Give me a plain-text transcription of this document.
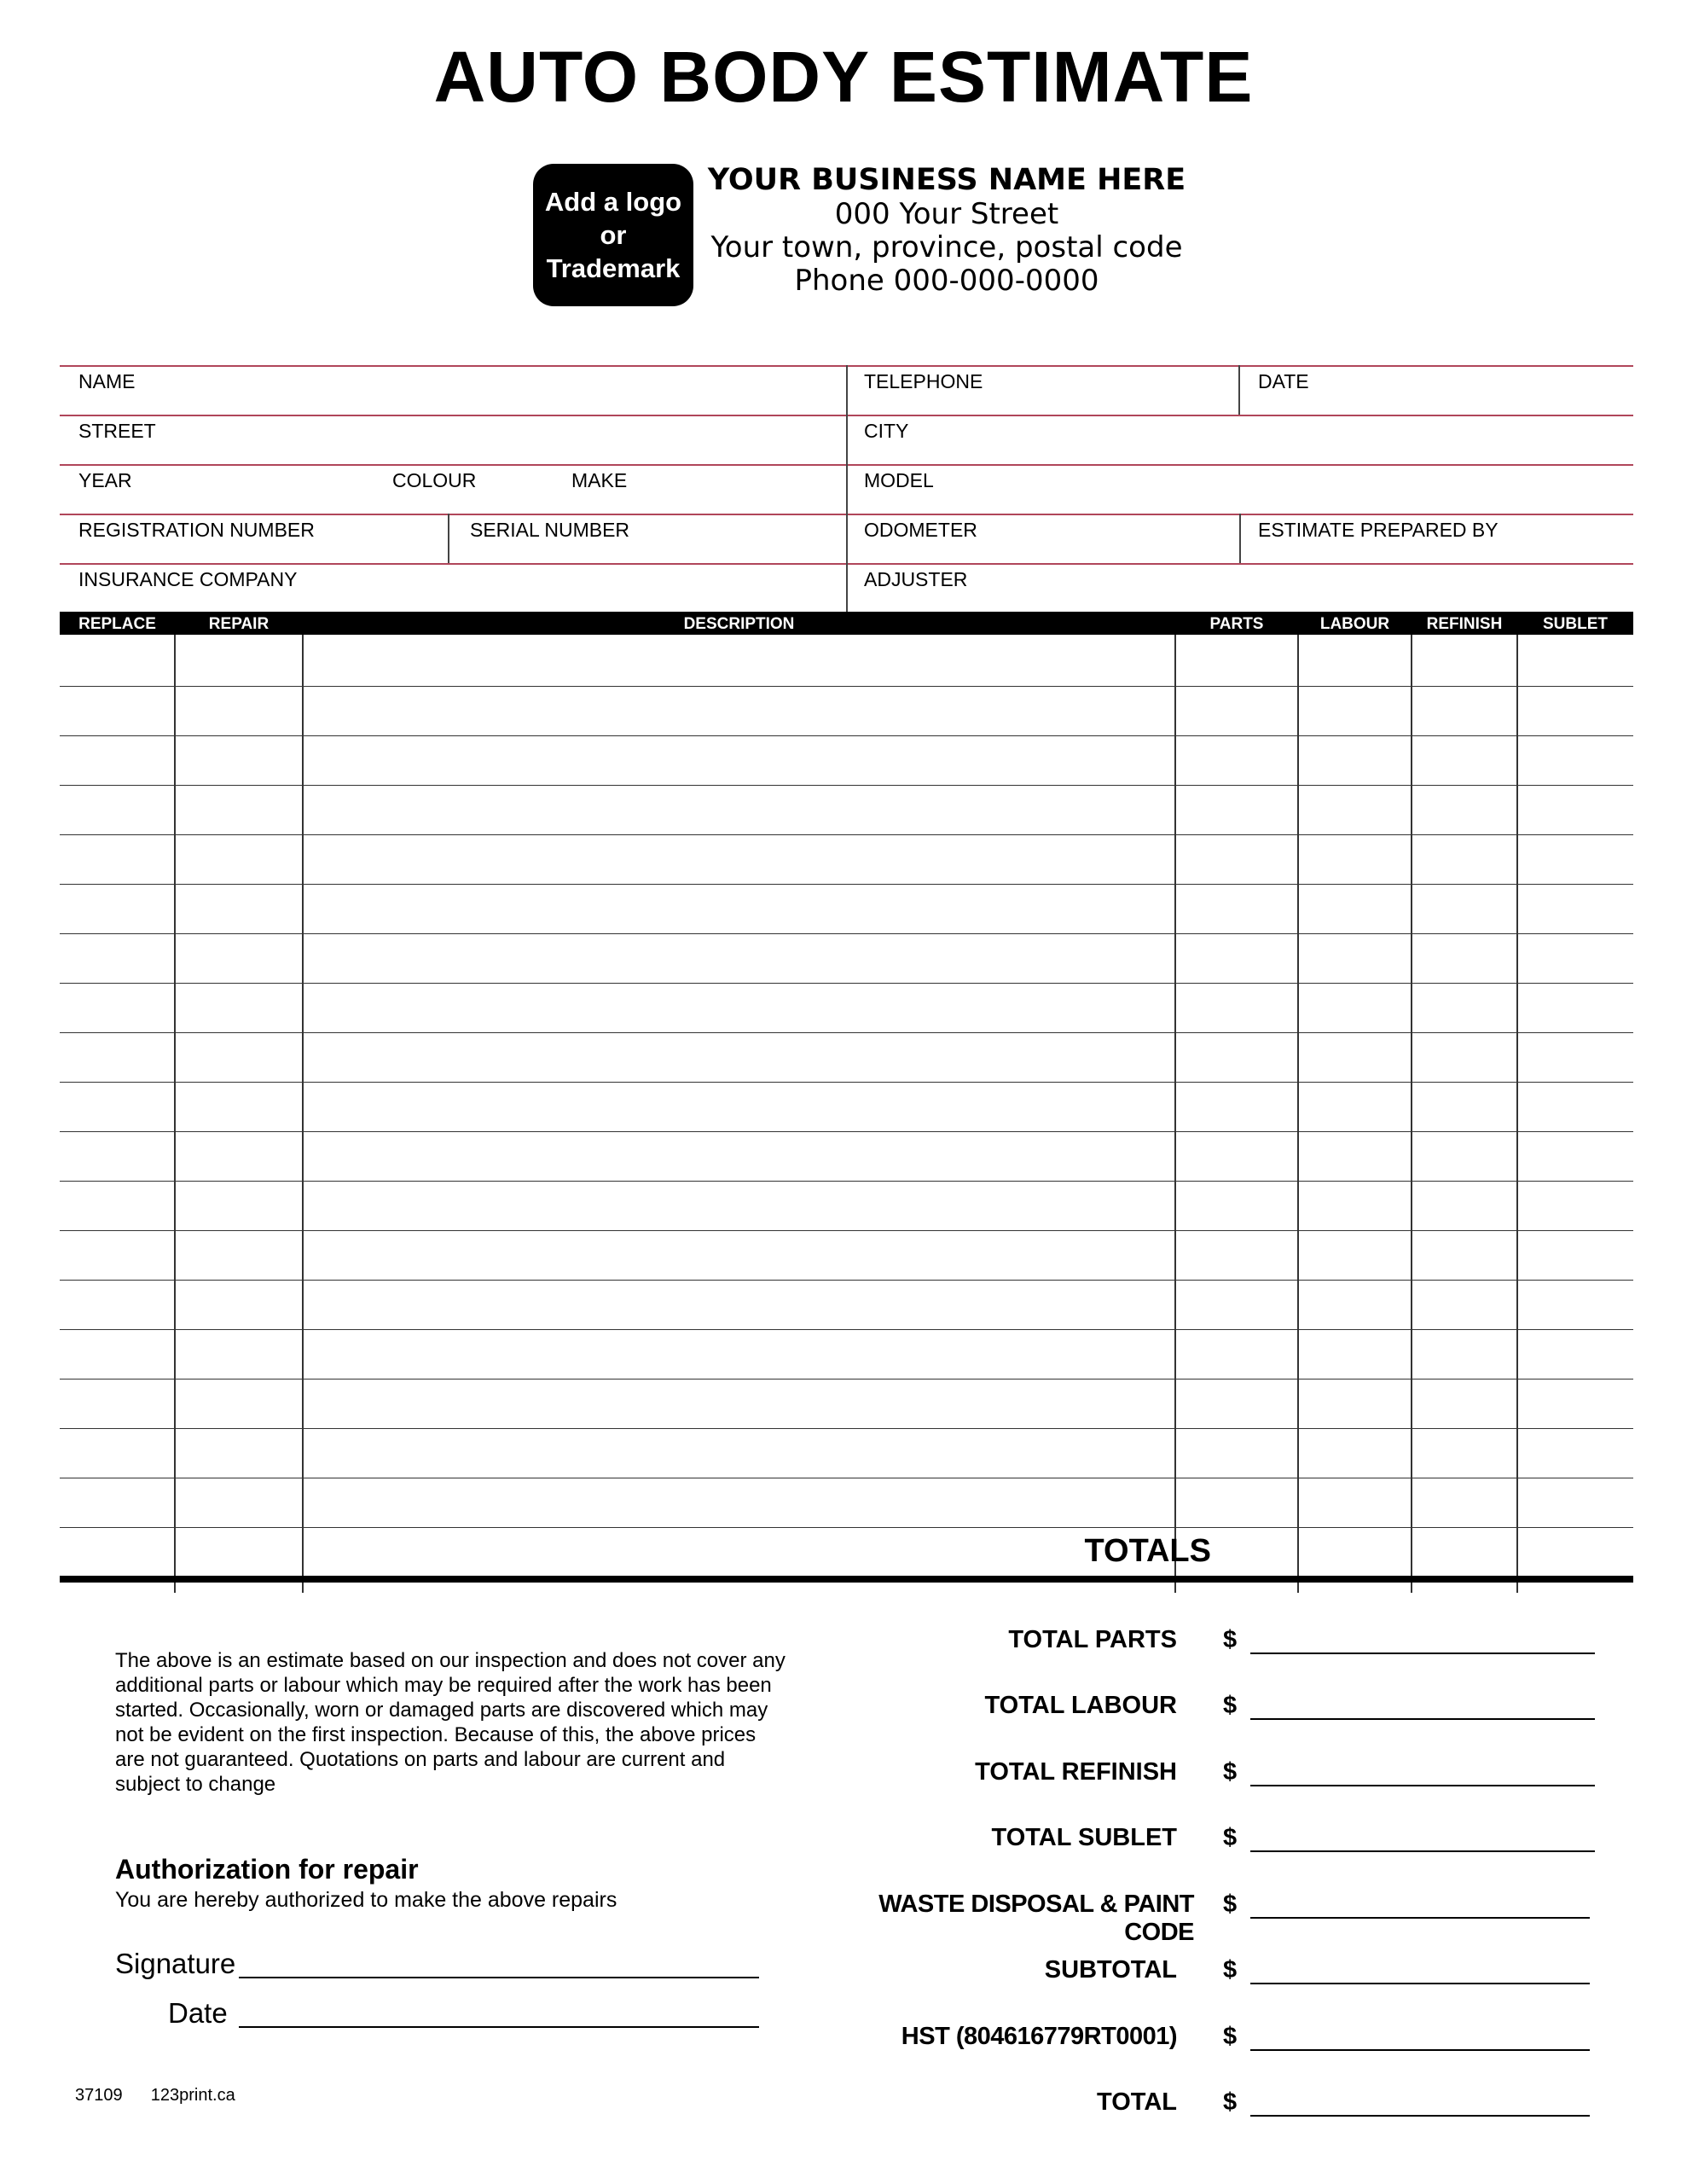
AUTO BODY ESTIMATE
Add a logo
or
Trademark
YOUR BUSINESS NAME HERE
000 Your Street
Your town, province, postal code
Phone 000-000-0000
NAME	TELEPHONE	DATE
STREET	CITY
YEAR	COLOUR	MAKE	MODEL
REGISTRATION NUMBER	SERIAL NUMBER	ODOMETER	ESTIMATE PREPARED BY
INSURANCE COMPANY	ADJUSTER
REPLACE	REPAIR	DESCRIPTION	PARTS	LABOUR	REFINISH	SUBLET
TOTALS
The above is an estimate based on our inspection and does not cover any additional parts or labour which may be required after the work has been started. Occasionally, worn or damaged parts are discovered which may not be evident on the first inspection. Because of this, the above prices are not guaranteed. Quotations on parts and labour are current and subject to change
Authorization for repair
You are hereby authorized to make the above repairs
Signature
Date
TOTAL PARTS $
TOTAL LABOUR $
TOTAL REFINISH $
TOTAL SUBLET $
WASTE DISPOSAL & PAINT CODE
$
SUBTOTAL $
HST (804616779RT0001) $
TOTAL $
37109 123print.ca
